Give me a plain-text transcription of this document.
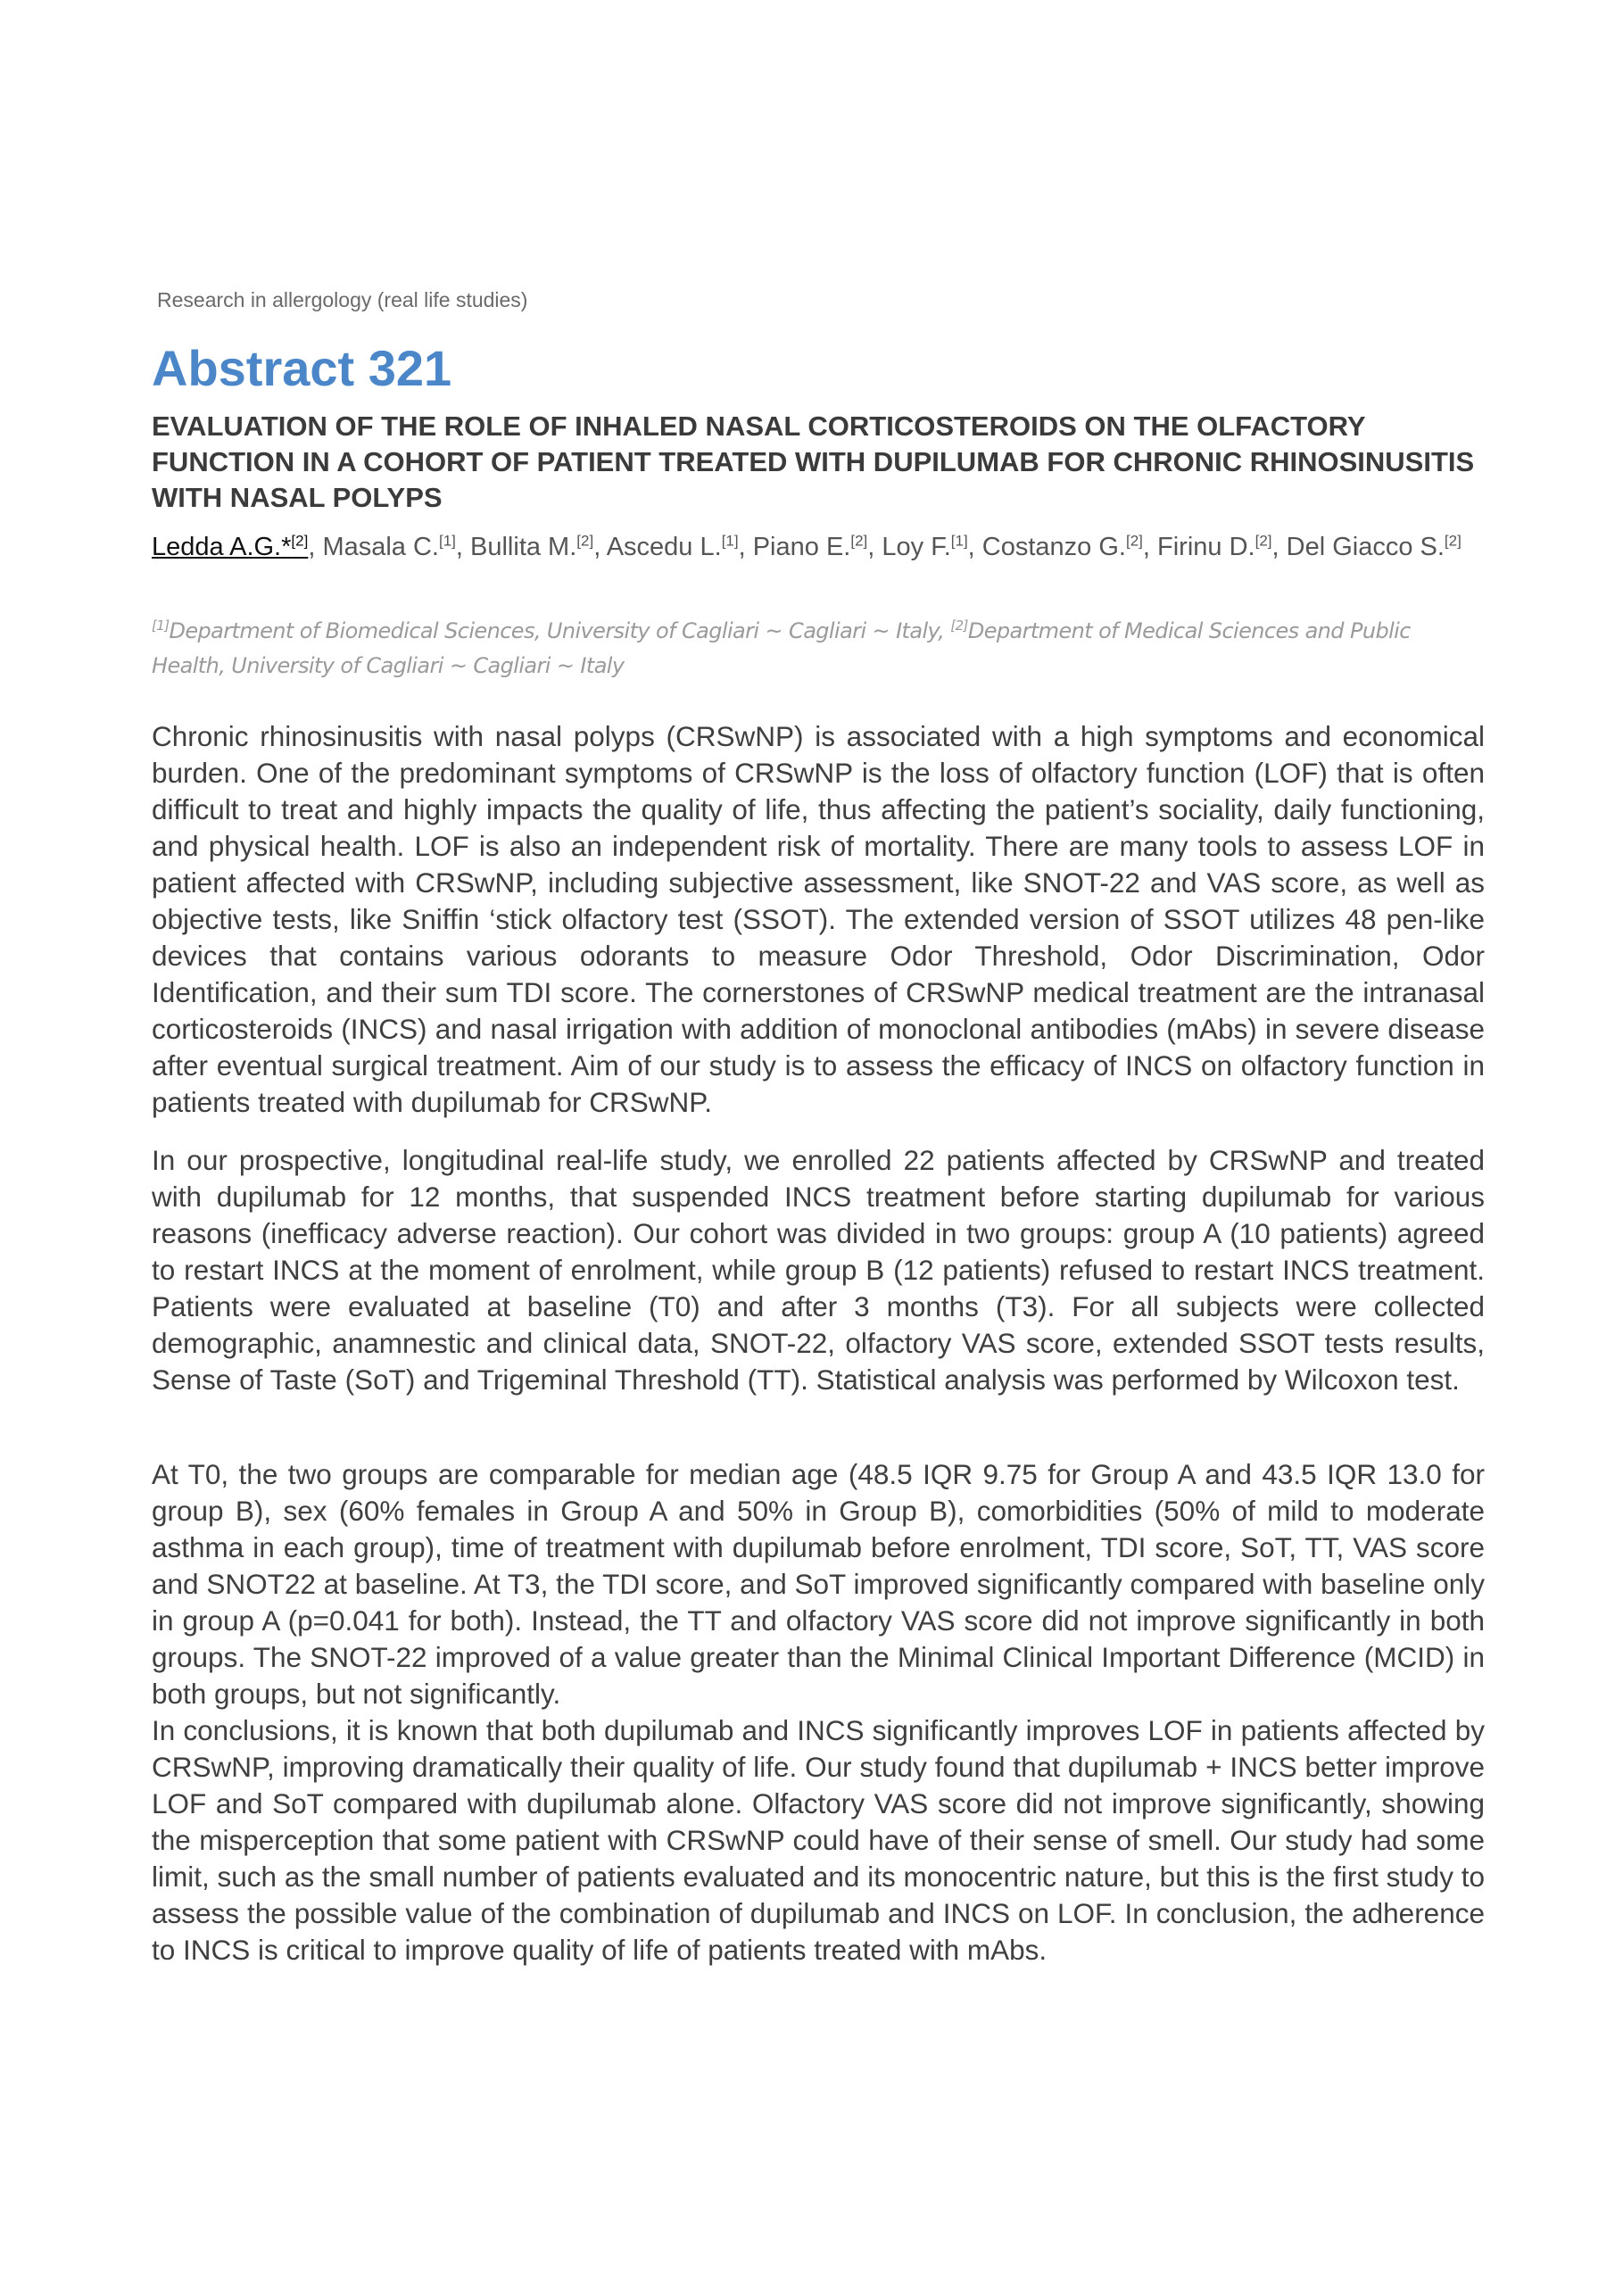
Research in allergology (real life studies)
Abstract 321
EVALUATION OF THE ROLE OF INHALED NASAL CORTICOSTEROIDS ON THE OLFACTORY FUNCTION IN A COHORT OF PATIENT TREATED WITH DUPILUMAB FOR CHRONIC RHINOSINUSITIS WITH NASAL POLYPS
Ledda A.G.*[2], Masala C.[1], Bullita M.[2], Ascedu L.[1], Piano E.[2], Loy F.[1], Costanzo G.[2], Firinu D.[2], Del Giacco S.[2]
[1]Department of Biomedical Sciences, University of Cagliari ~ Cagliari ~ Italy, [2]Department of Medical Sciences and Public Health, University of Cagliari ~ Cagliari ~ Italy

Chronic rhinosinusitis with nasal polyps (CRSwNP) is associated with a high symptoms and economical burden. One of the predominant symptoms of CRSwNP is the loss of olfactory function (LOF) that is often difficult to treat and highly impacts the quality of life, thus affecting the patient’s sociality, daily functioning, and physical health. LOF is also an independent risk of mortality. There are many tools to assess LOF in patient affected with CRSwNP, including subjective assessment, like SNOT-22 and VAS score, as well as objective tests, like Sniffin ‘stick olfactory test (SSOT). The extended version of SSOT utilizes 48 pen-like devices that contains various odorants to measure Odor Threshold, Odor Discrimination, Odor Identification, and their sum TDI score. The cornerstones of CRSwNP medical treatment are the intranasal corticosteroids (INCS) and nasal irrigation with addition of monoclonal antibodies (mAbs) in severe disease after eventual surgical treatment. Aim of our study is to assess the efficacy of INCS on olfactory function in patients treated with dupilumab for CRSwNP.

In our prospective, longitudinal real-life study, we enrolled 22 patients affected by CRSwNP and treated with dupilumab for 12 months, that suspended INCS treatment before starting dupilumab for various reasons (inefficacy adverse reaction). Our cohort was divided in two groups: group A (10 patients) agreed to restart INCS at the moment of enrolment, while group B (12 patients) refused to restart INCS treatment. Patients were evaluated at baseline (T0) and after 3 months (T3). For all subjects were collected demographic, anamnestic and clinical data, SNOT-22, olfactory VAS score, extended SSOT tests results, Sense of Taste (SoT) and Trigeminal Threshold (TT). Statistical analysis was performed by Wilcoxon test.

At T0, the two groups are comparable for median age (48.5 IQR 9.75 for Group A and 43.5 IQR 13.0 for group B), sex (60% females in Group A and 50% in Group B), comorbidities (50% of mild to moderate asthma in each group), time of treatment with dupilumab before enrolment, TDI score, SoT, TT, VAS score and SNOT22 at baseline. At T3, the TDI score, and SoT improved significantly compared with baseline only in group A (p=0.041 for both). Instead, the TT and olfactory VAS score did not improve significantly in both groups. The SNOT-22 improved of a value greater than the Minimal Clinical Important Difference (MCID) in both groups, but not significantly.

In conclusions, it is known that both dupilumab and INCS significantly improves LOF in patients affected by CRSwNP, improving dramatically their quality of life. Our study found that dupilumab + INCS better improve LOF and SoT compared with dupilumab alone. Olfactory VAS score did not improve significantly, showing the misperception that some patient with CRSwNP could have of their sense of smell. Our study had some limit, such as the small number of patients evaluated and its monocentric nature, but this is the first study to assess the possible value of the combination of dupilumab and INCS on LOF. In conclusion, the adherence to INCS is critical to improve quality of life of patients treated with mAbs.
